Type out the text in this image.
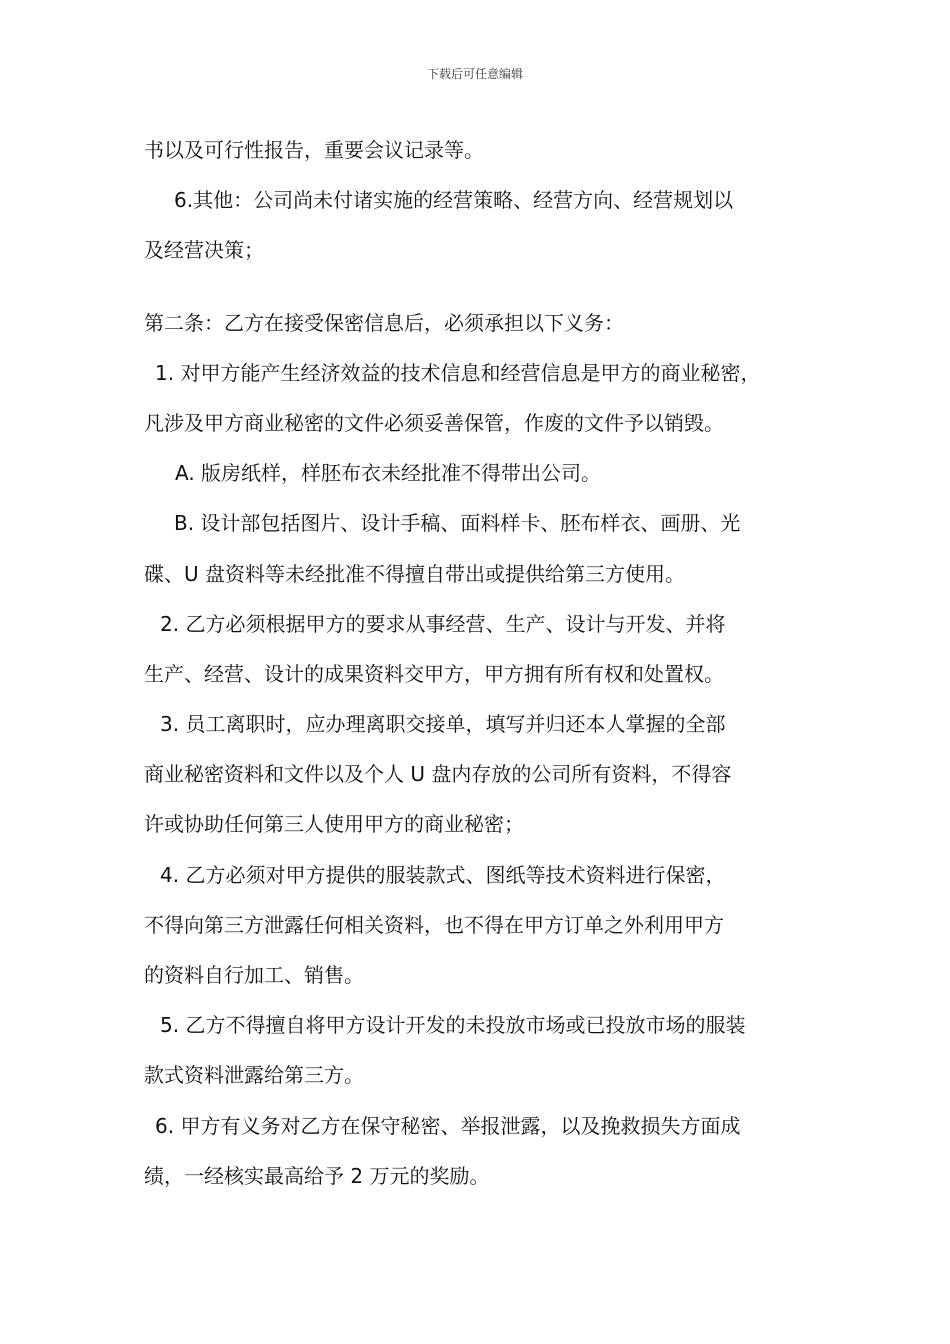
下载后可任意编辑
书以及可行性报告，重要会议记录等。
6.其他：公司尚未付诸实施的经营策略、经营方向、经营规划以
及经营决策；
第二条：乙方在接受保密信息后，必须承担以下义务：
1. 对甲方能产生经济效益的技术信息和经营信息是甲方的商业秘密，
凡涉及甲方商业秘密的文件必须妥善保管，作废的文件予以销毁。
A. 版房纸样，样胚布衣未经批准不得带出公司。
B. 设计部包括图片、设计手稿、面料样卡、胚布样衣、画册、光
碟、U 盘资料等未经批准不得擅自带出或提供给第三方使用。
2. 乙方必须根据甲方的要求从事经营、生产、设计与开发、并将
生产、经营、设计的成果资料交甲方，甲方拥有所有权和处置权。
3. 员工离职时，应办理离职交接单，填写并归还本人掌握的全部
商业秘密资料和文件以及个人 U 盘内存放的公司所有资料，不得容
许或协助任何第三人使用甲方的商业秘密；
4. 乙方必须对甲方提供的服装款式、图纸等技术资料进行保密，
不得向第三方泄露任何相关资料，也不得在甲方订单之外利用甲方
的资料自行加工、销售。
5. 乙方不得擅自将甲方设计开发的未投放市场或已投放市场的服装
款式资料泄露给第三方。
6. 甲方有义务对乙方在保守秘密、举报泄露，以及挽救损失方面成
绩，一经核实最高给予 2 万元的奖励。
